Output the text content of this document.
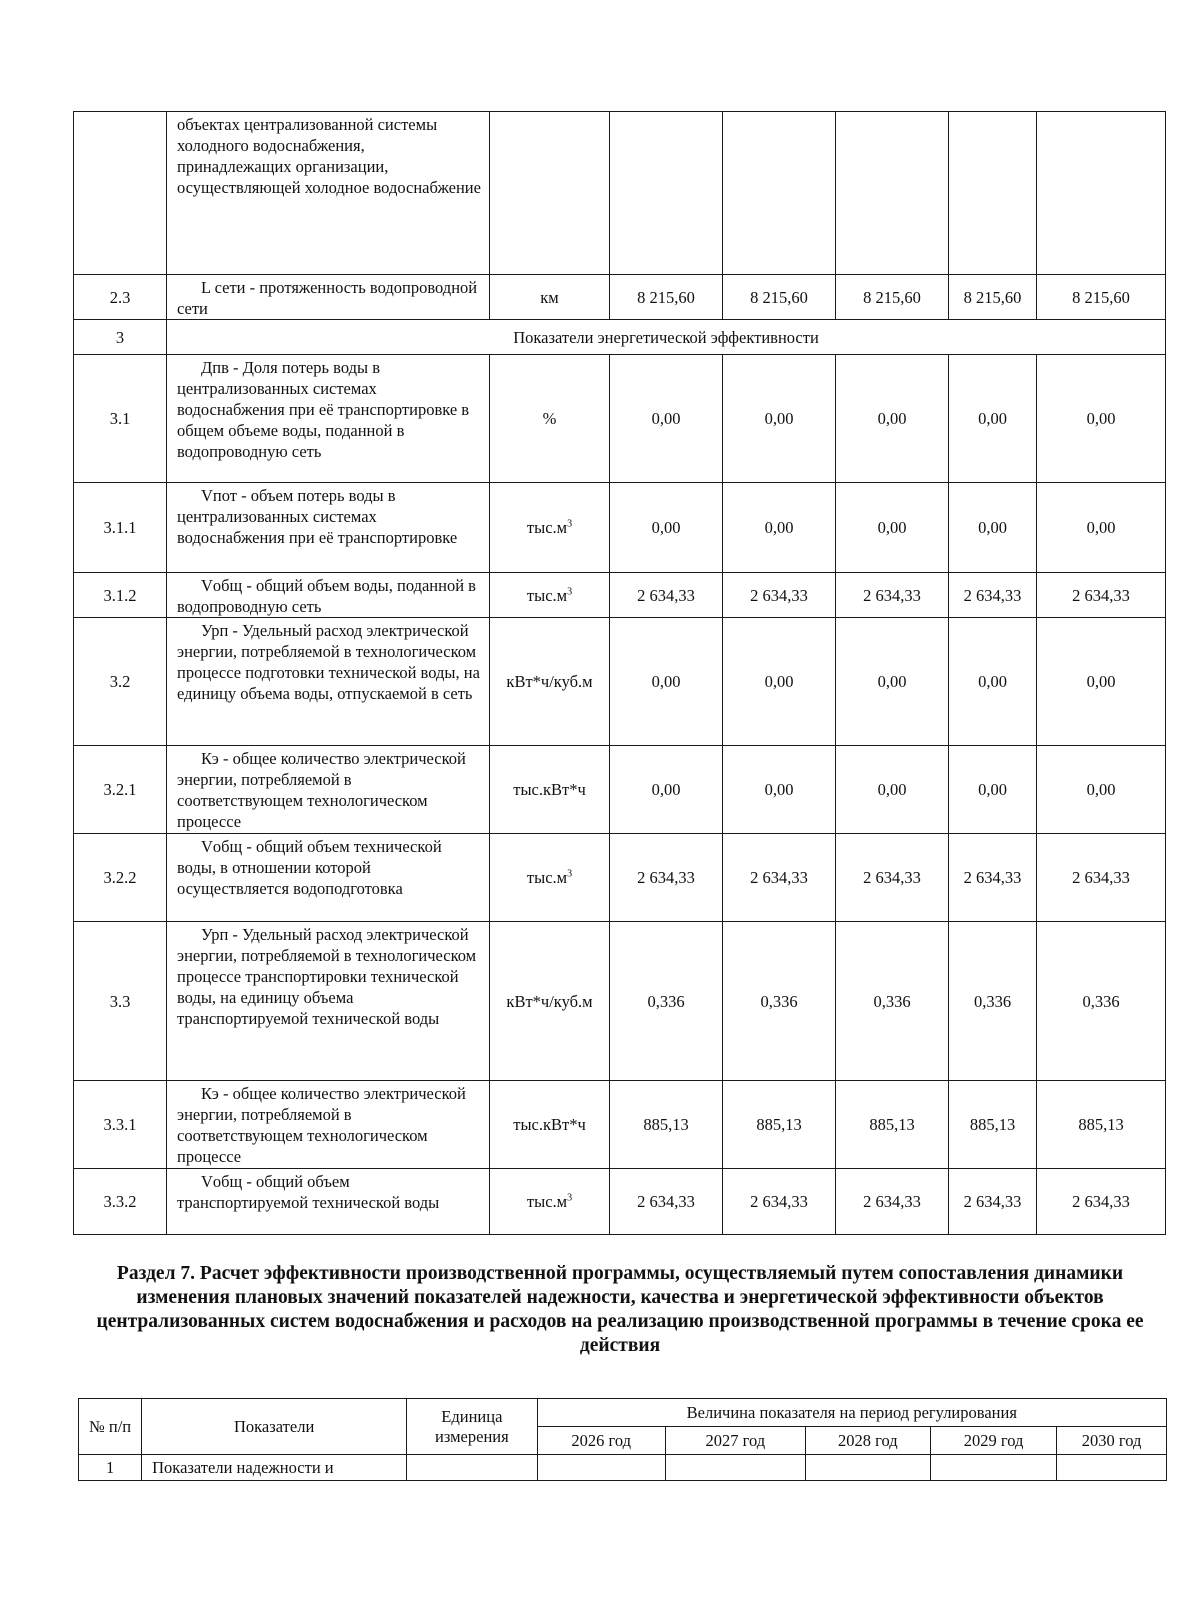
	объектах централизованной системы холодного водоснабжения, принадлежащих организации, осуществляющей холодное водоснабжение						
2.3	L сети - протяженность водопроводной сети	км	8 215,60	8 215,60	8 215,60	8 215,60	8 215,60
3	Показатели энергетической эффективности						
3.1	Дпв - Доля потерь воды в централизованных системах водоснабжения при её транспортировке в общем объеме воды, поданной в водопроводную сеть	%	0,00	0,00	0,00	0,00	0,00
3.1.1	Vпот - объем потерь воды в централизованных системах водоснабжения при её транспортировке	$тыс.м^3$	0,00	0,00	0,00	0,00	0,00
3.1.2	Vобщ - общий объем воды, поданной в водопроводную сеть	$тыс.м^3$	2 634,33	2 634,33	2 634,33	2 634,33	2 634,33
3.2	Урп - Удельный расход электрической энергии, потребляемой в технологическом процессе подготовки технической воды, на единицу объема воды, отпускаемой в сеть	кВт*ч/куб.м	0,00	0,00	0,00	0,00	0,00
3.2.1	Кэ - общее количество электрической энергии, потребляемой в соответствующем технологическом процессе	тыс.кВт*ч	0,00	0,00	0,00	0,00	0,00
3.2.2	Vобщ - общий объем технической воды, в отношении которой осуществляется водоподготовка	$тыс.м^3$	2 634,33	2 634,33	2 634,33	2 634,33	2 634,33
3.3	Урп - Удельный расход электрической энергии, потребляемой в технологическом процессе транспортировки технической воды, на единицу объема транспортируемой технической воды	кВт*ч/куб.м	0,336	0,336	0,336	0,336	0,336
3.3.1	Кэ - общее количество электрической энергии, потребляемой в соответствующем технологическом процессе	тыс.кВт*ч	885,13	885,13	885,13	885,13	885,13
3.3.2	Vобщ - общий объем транспортируемой технической воды	$тыс.м^3$	2 634,33	2 634,33	2 634,33	2 634,33	2 634,33
Раздел 7. Расчет эффективности производственной программы, осуществляемый путем сопоставления динамики изменения плановых значений показателей надежности, качества и энергетической эффективности объектов централизованных систем водоснабжения и расходов на реализацию производственной программы в течение срока ее действия
№ п/п	Показатели	Единица измерения	Величина показателя на период регулирования				
			2026 год	2027 год	2028 год	2029 год	2030 год
1	Показатели надежности и						
